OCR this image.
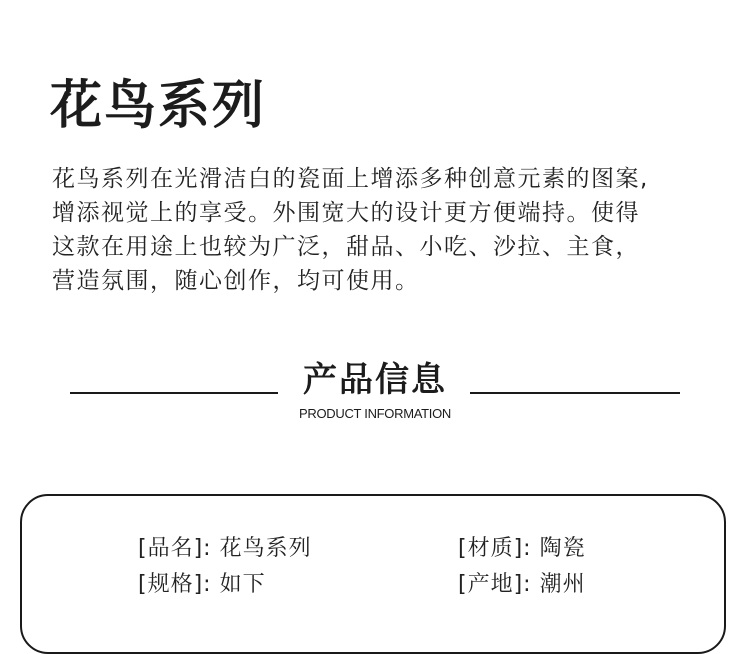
花鸟系列

花鸟系列在光滑洁白的瓷面上增添多种创意元素的图案,

增添视觉上的享受。外围宽大的设计更方便端持。使得

这款在用途上也较为广泛，甜品、小吃、沙拉、主食，

营造氛围，随心创作，均可使用。

产品信息
PRODUCT INFORMATION
[品名]: 花鸟系列	[材质]: 陶瓷
[规格]: 如下	[产地]: 潮州
